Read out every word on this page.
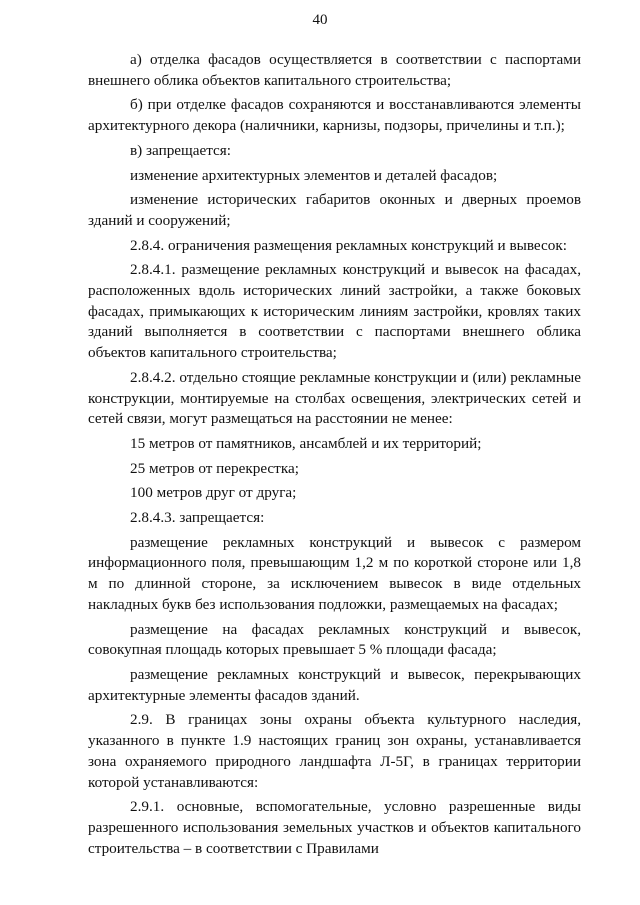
40

а) отделка фасадов осуществляется в соответствии с паспортами внешнего облика объектов капитального строительства;

б) при отделке фасадов сохраняются и восстанавливаются элементы архитектурного декора (наличники, карнизы, подзоры, причелины и т.п.);

в) запрещается:

изменение архитектурных элементов и деталей фасадов;

изменение исторических габаритов оконных и дверных проемов зданий и сооружений;

2.8.4. ограничения размещения рекламных конструкций и вывесок:

2.8.4.1. размещение рекламных конструкций и вывесок на фасадах, расположенных вдоль исторических линий застройки, а также боковых фасадах, примыкающих к историческим линиям застройки, кровлях таких зданий выполняется в соответствии с паспортами внешнего облика объектов капитального строительства;

2.8.4.2. отдельно стоящие рекламные конструкции и (или) рекламные конструкции, монтируемые на столбах освещения, электрических сетей и сетей связи, могут размещаться на расстоянии не менее:

15 метров от памятников, ансамблей и их территорий;

25 метров от перекрестка;

100 метров друг от друга;

2.8.4.3. запрещается:

размещение рекламных конструкций и вывесок с размером информационного поля, превышающим 1,2 м по короткой стороне или 1,8 м по длинной стороне, за исключением вывесок в виде отдельных накладных букв без использования подложки, размещаемых на фасадах;

размещение на фасадах рекламных конструкций и вывесок, совокупная площадь которых превышает 5 % площади фасада;

размещение рекламных конструкций и вывесок, перекрывающих архитектурные элементы фасадов зданий.

2.9. В границах зоны охраны объекта культурного наследия, указанного в пункте 1.9 настоящих границ зон охраны, устанавливается зона охраняемого природного ландшафта Л-5Г, в границах территории которой устанавливаются:

2.9.1. основные, вспомогательные, условно разрешенные виды разрешенного использования земельных участков и объектов капитального строительства – в соответствии с Правилами
